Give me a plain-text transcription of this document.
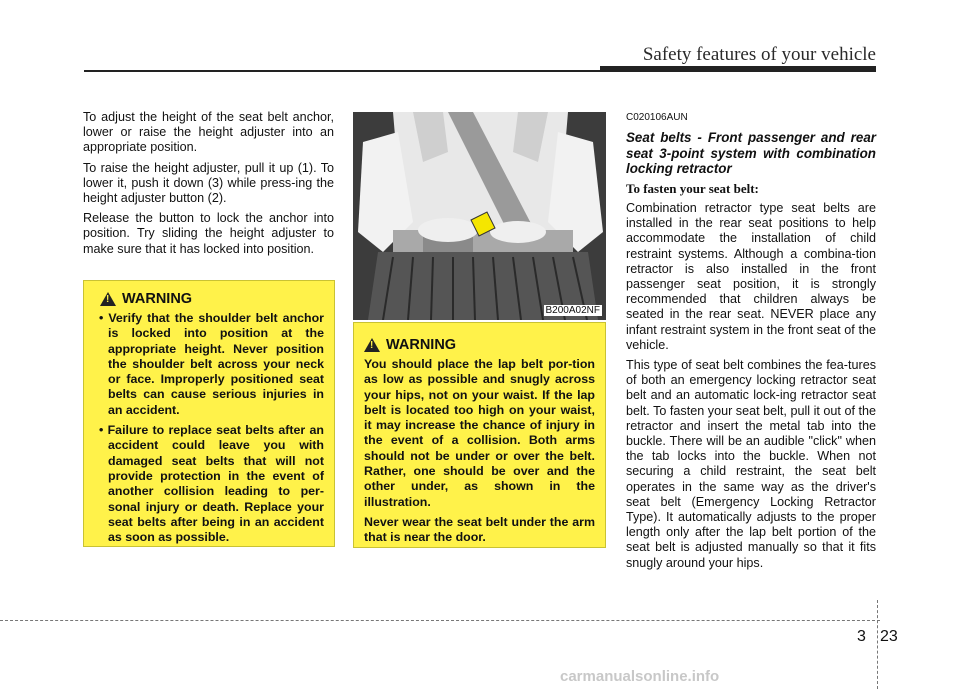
Safety features of your vehicle

To adjust the height of the seat belt anchor, lower or raise the height adjuster into an appropriate position.

To raise the height adjuster, pull it up (1). To lower it, push it down (3) while press-ing the height adjuster button (2).

Release the button to lock the anchor into position. Try sliding the height adjuster to make sure that it has locked into position.

!
WARNING
• Verify that the shoulder belt anchor is locked into position at the appropriate height. Never position the shoulder belt across your neck or face. Improperly positioned seat belts can cause serious injuries in an accident.
• Failure to replace seat belts after an accident could leave you with damaged seat belts that will not provide protection in the event of another collision leading to per-sonal injury or death. Replace your seat belts after being in an accident as soon as possible.
B200A02NF
!
WARNING

You should place the lap belt por-tion as low as possible and snugly across your hips, not on your waist. If the lap belt is located too high on your waist, it may increase the chance of injury in the event of a collision. Both arms should not be under or over the belt. Rather, one should be over and the other under, as shown in the illustration.

Never wear the seat belt under the arm that is near the door.

C020106AUN
Seat belts - Front passenger and rear seat 3-point system with combination locking retractor
To fasten your seat belt:

Combination retractor type seat belts are installed in the rear seat positions to help accommodate the installation of child restraint systems. Although a combina-tion retractor is also installed in the front passenger seat position, it is strongly recommended that children always be seated in the rear seat. NEVER place any infant restraint system in the front seat of the vehicle.

This type of seat belt combines the fea-tures of both an emergency locking retractor seat belt and an automatic lock-ing retractor seat belt. To fasten your seat belt, pull it out of the retractor and insert the metal tab into the buckle. There will be an audible "click" when the tab locks into the buckle. When not securing a child restraint, the seat belt operates in the same way as the driver's seat belt (Emergency Locking Retractor Type). It automatically adjusts to the proper length only after the lap belt portion of the seat belt is adjusted manually so that it fits snugly around your hips.

3 23
carmanualsonline.info
